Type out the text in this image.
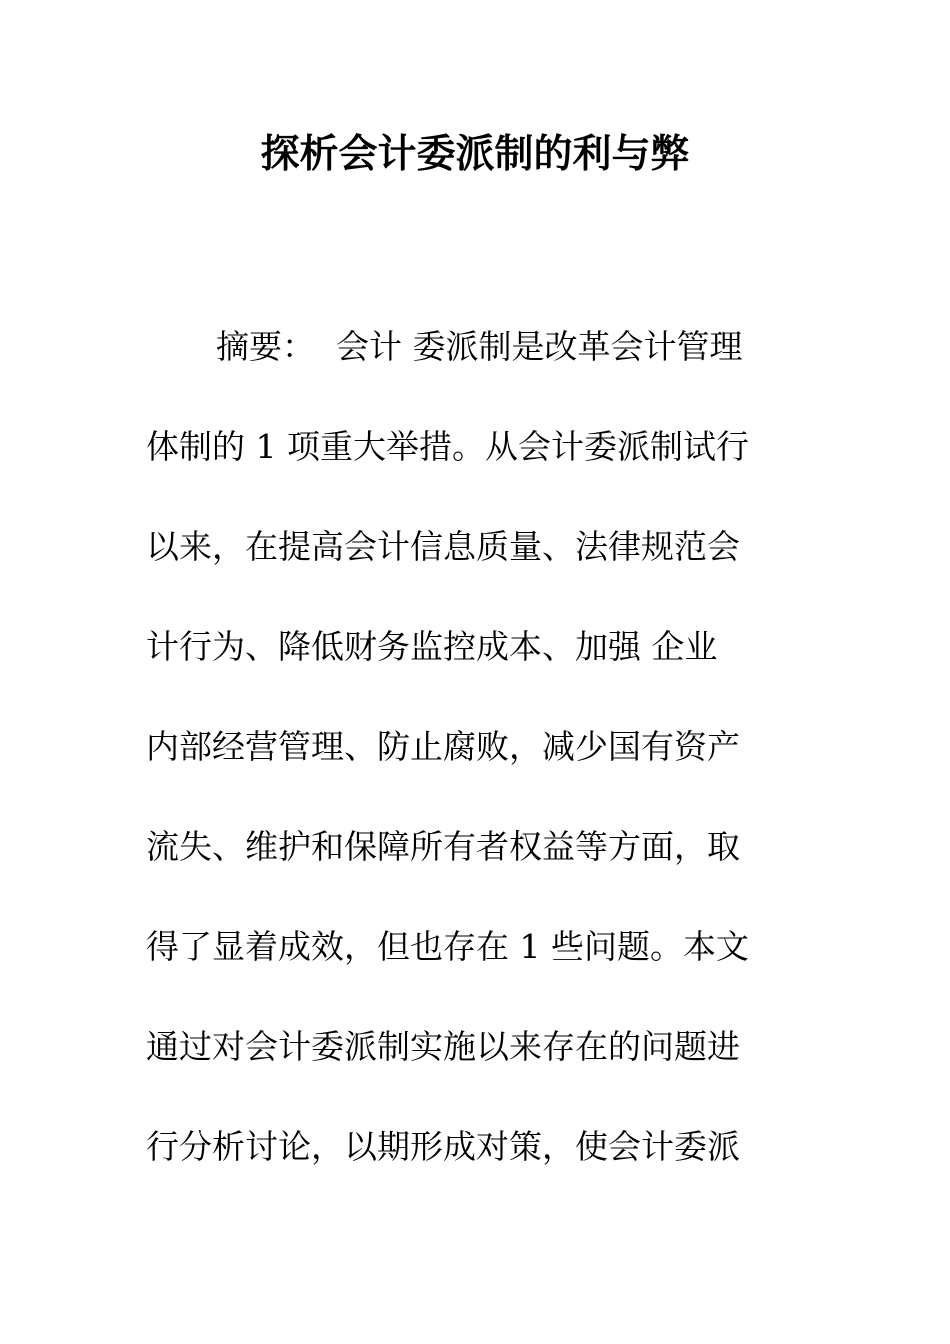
探析会计委派制的利与弊
摘要：  会计 委派制是改革会计管理
体制的 1 项重大举措。从会计委派制试行
以来，在提高会计信息质量、法律规范会
计行为、降低财务监控成本、加强 企业
内部经营管理、防止腐败，减少国有资产
流失、维护和保障所有者权益等方面，取
得了显着成效，但也存在 1 些问题。本文
通过对会计委派制实施以来存在的问题进
行分析讨论，以期形成对策，使会计委派
